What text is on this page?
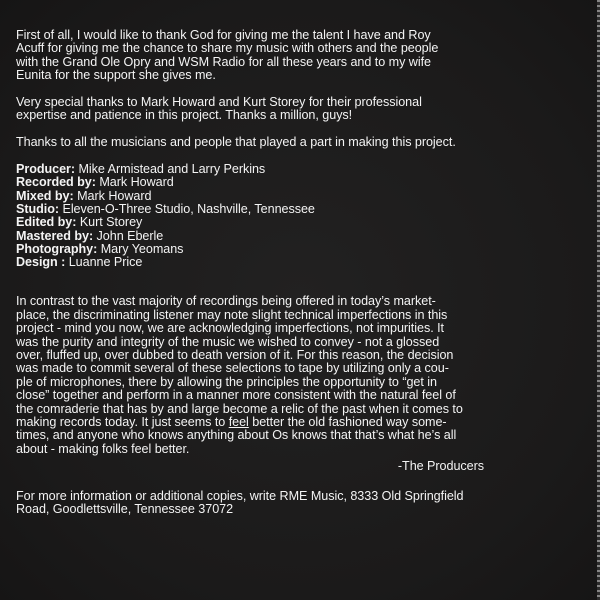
First of all, I would like to thank God for giving me the talent I have and Roy
Acuff for giving me the chance to share my music with others and the people
with the Grand Ole Opry and WSM Radio for all these years and to my wife
Eunita for the support she gives me.
Very special thanks to Mark Howard and Kurt Storey for their professional
expertise and patience in this project. Thanks a million, guys!
Thanks to all the musicians and people that played a part in making this project.
Producer: Mike Armistead and Larry Perkins
Recorded by: Mark Howard
Mixed by: Mark Howard
Studio: Eleven-O-Three Studio, Nashville, Tennessee
Edited by: Kurt Storey
Mastered by: John Eberle
Photography: Mary Yeomans
Design : Luanne Price
In contrast to the vast majority of recordings being offered in today’s market-
place, the discriminating listener may note slight technical imperfections in this
project - mind you now, we are acknowledging imperfections, not impurities. It
was the purity and integrity of the music we wished to convey - not a glossed
over, fluffed up, over dubbed to death version of it. For this reason, the decision
was made to commit several of these selections to tape by utilizing only a cou-
ple of microphones, there by allowing the principles the opportunity to “get in
close” together and perform in a manner more consistent with the natural feel of
the comraderie that has by and large become a relic of the past when it comes to
making records today. It just seems to feel better the old fashioned way some-
times, and anyone who knows anything about Os knows that that’s what he’s all
about - making folks feel better.
-The Producers
For more information or additional copies, write RME Music, 8333 Old Springfield
Road, Goodlettsville, Tennessee 37072
